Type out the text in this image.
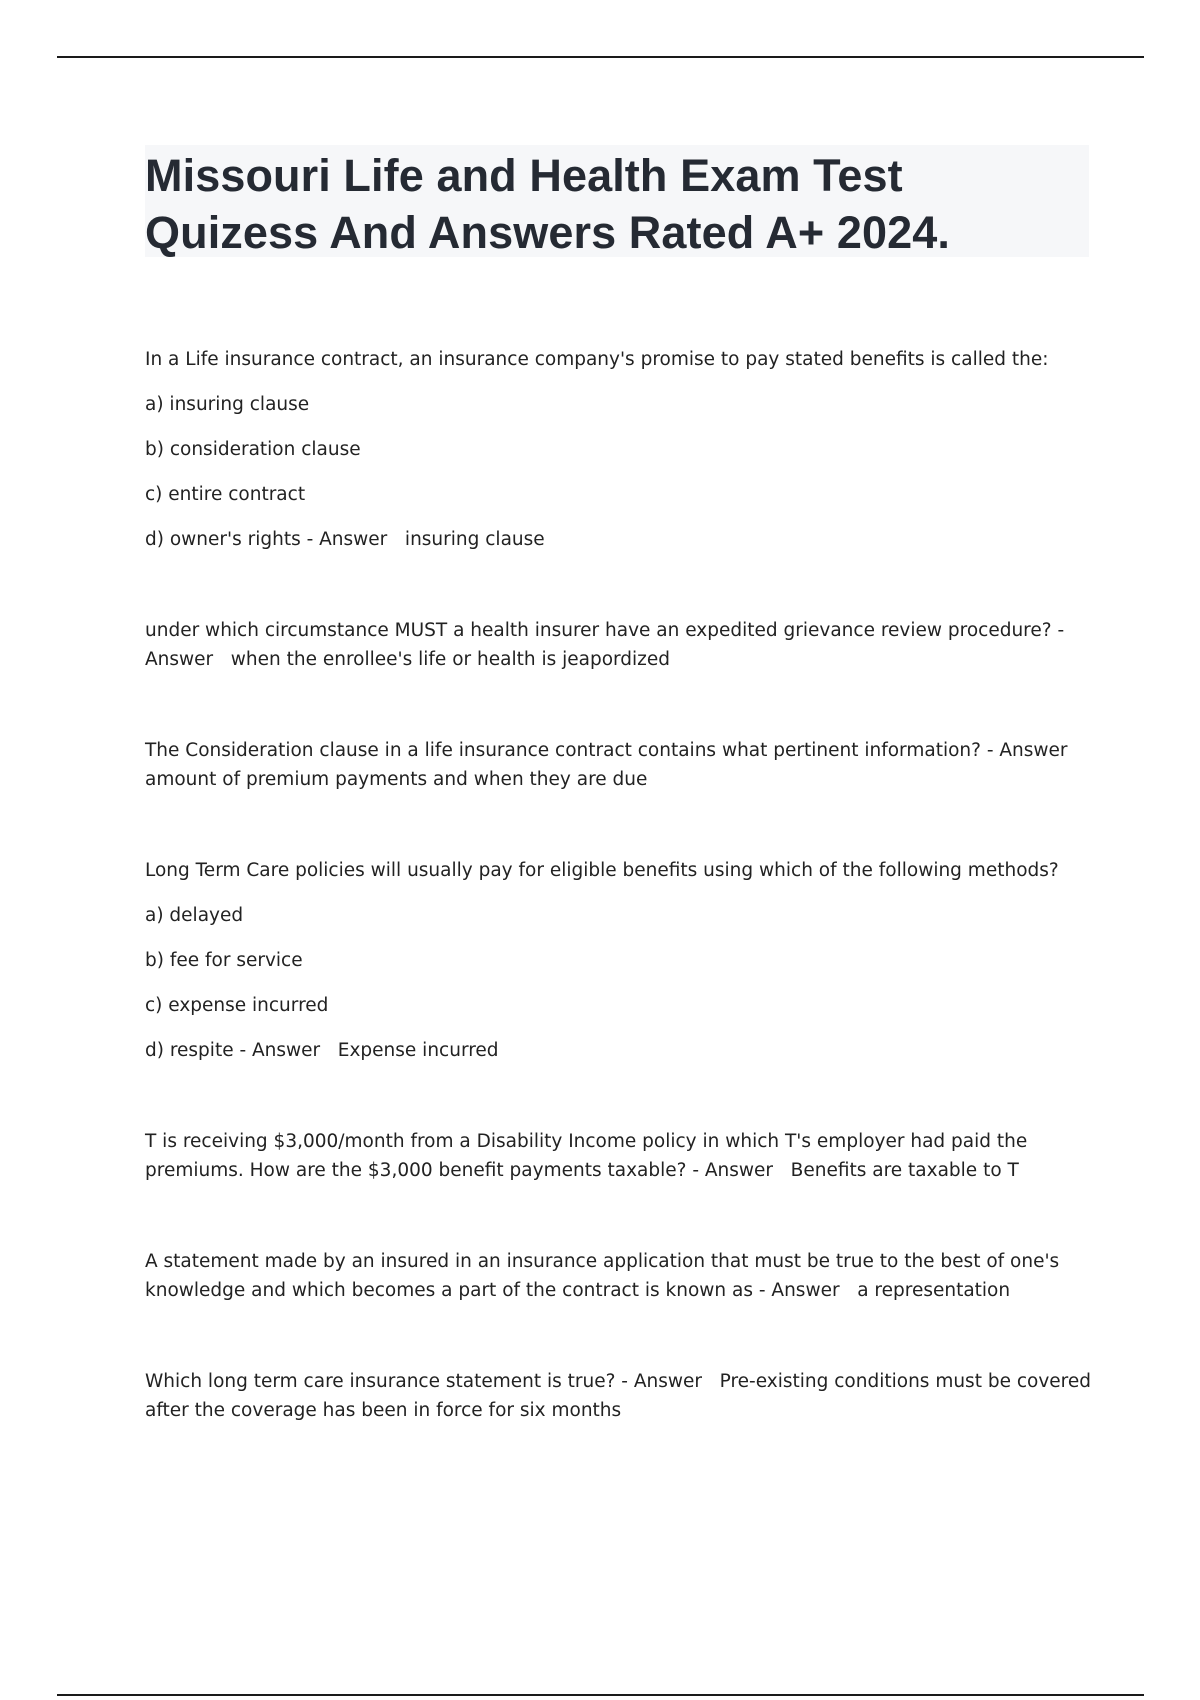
Missouri Life and Health Exam Test
Quizess And Answers Rated A+ 2024.
In a Life insurance contract, an insurance company's promise to pay stated benefits is called the:
a) insuring clause
b) consideration clause
c) entire contract
d) owner's rights - Answer   insuring clause
under which circumstance MUST a health insurer have an expedited grievance review procedure? -
Answer   when the enrollee's life or health is jeapordized
The Consideration clause in a life insurance contract contains what pertinent information? - Answer
amount of premium payments and when they are due
Long Term Care policies will usually pay for eligible benefits using which of the following methods?
a) delayed
b) fee for service
c) expense incurred
d) respite - Answer   Expense incurred
T is receiving $3,000/month from a Disability Income policy in which T's employer had paid the
premiums. How are the $3,000 benefit payments taxable? - Answer   Benefits are taxable to T
A statement made by an insured in an insurance application that must be true to the best of one's
knowledge and which becomes a part of the contract is known as - Answer   a representation
Which long term care insurance statement is true? - Answer   Pre-existing conditions must be covered
after the coverage has been in force for six months
